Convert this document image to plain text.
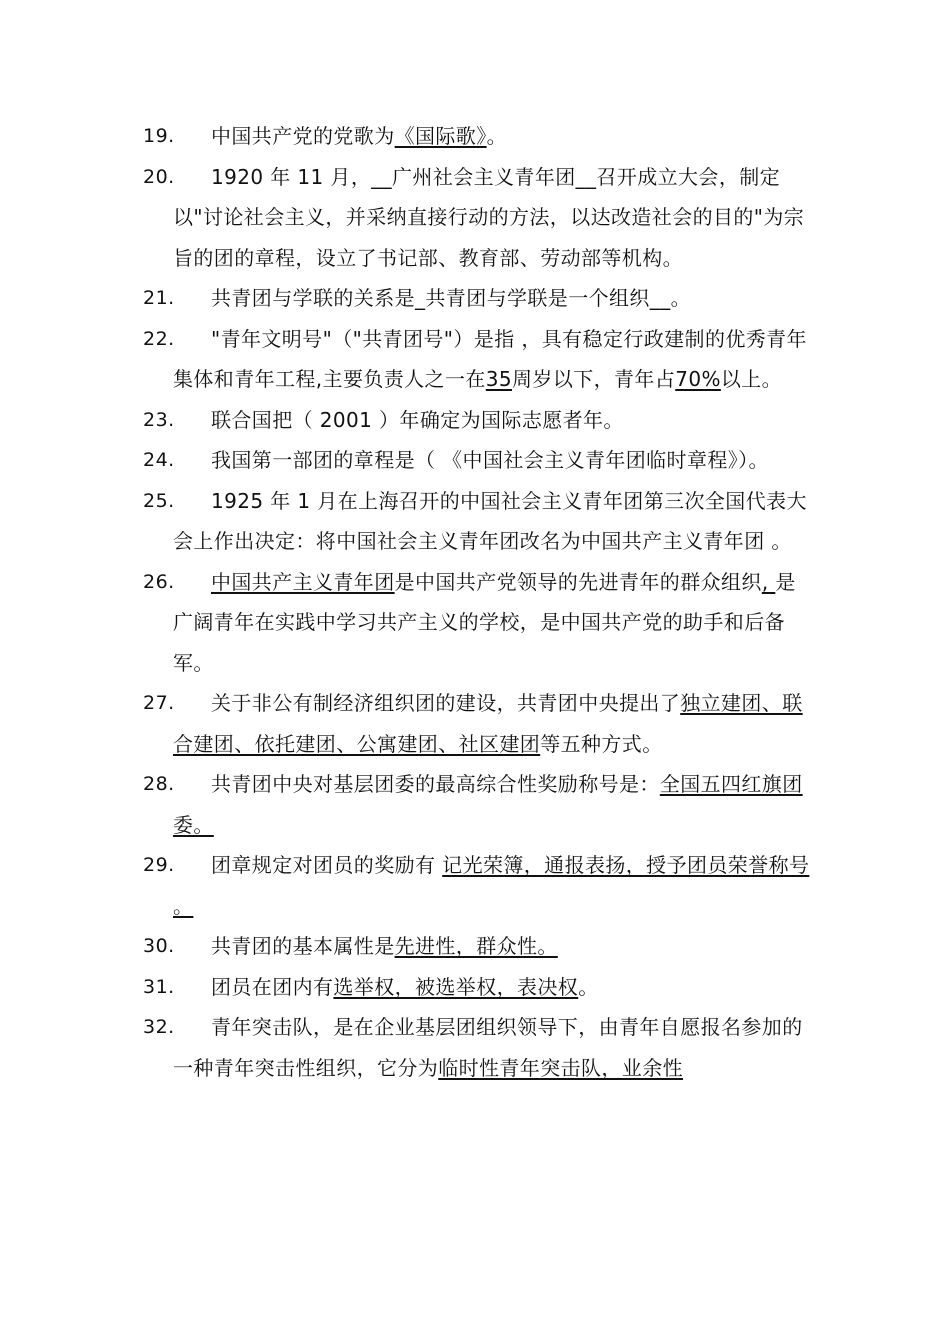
19.	中国共产党的党歌为《国际歌》。
20.	1920 年 11 月，__广州社会主义青年团__召开成立大会，制定以"讨论社会主义，并采纳直接行动的方法，以达改造社会的目的"为宗旨的团的章程，设立了书记部、教育部、劳动部等机构。
21.	共青团与学联的关系是_共青团与学联是一个组织__。
22.	"青年文明号"（"共青团号"）是指 ，具有稳定行政建制的优秀青年集体和青年工程,主要负责人之一在35周岁以下，青年占70%以上。
23.	联合国把（ 2001 ）年确定为国际志愿者年。
24.	我国第一部团的章程是（ 《中国社会主义青年团临时章程》）。
25.	1925 年 1 月在上海召开的中国社会主义青年团第三次全国代表大会上作出决定：将中国社会主义青年团改名为中国共产主义青年团 。
26.	中国共产主义青年团是中国共产党领导的先进青年的群众组织, 是广阔青年在实践中学习共产主义的学校，是中国共产党的助手和后备军。
27.	关于非公有制经济组织团的建设，共青团中央提出了独立建团、联合建团、依托建团、公寓建团、社区建团等五种方式。
28.	共青团中央对基层团委的最高综合性奖励称号是：全国五四红旗团委。
29.	团章规定对团员的奖励有 记光荣簿，通报表扬，授予团员荣誉称号 。
30.	共青团的基本属性是先进性，群众性。
31.	团员在团内有选举权，被选举权，表决权。
32.	青年突击队，是在企业基层团组织领导下，由青年自愿报名参加的一种青年突击性组织，它分为临时性青年突击队，业余性
